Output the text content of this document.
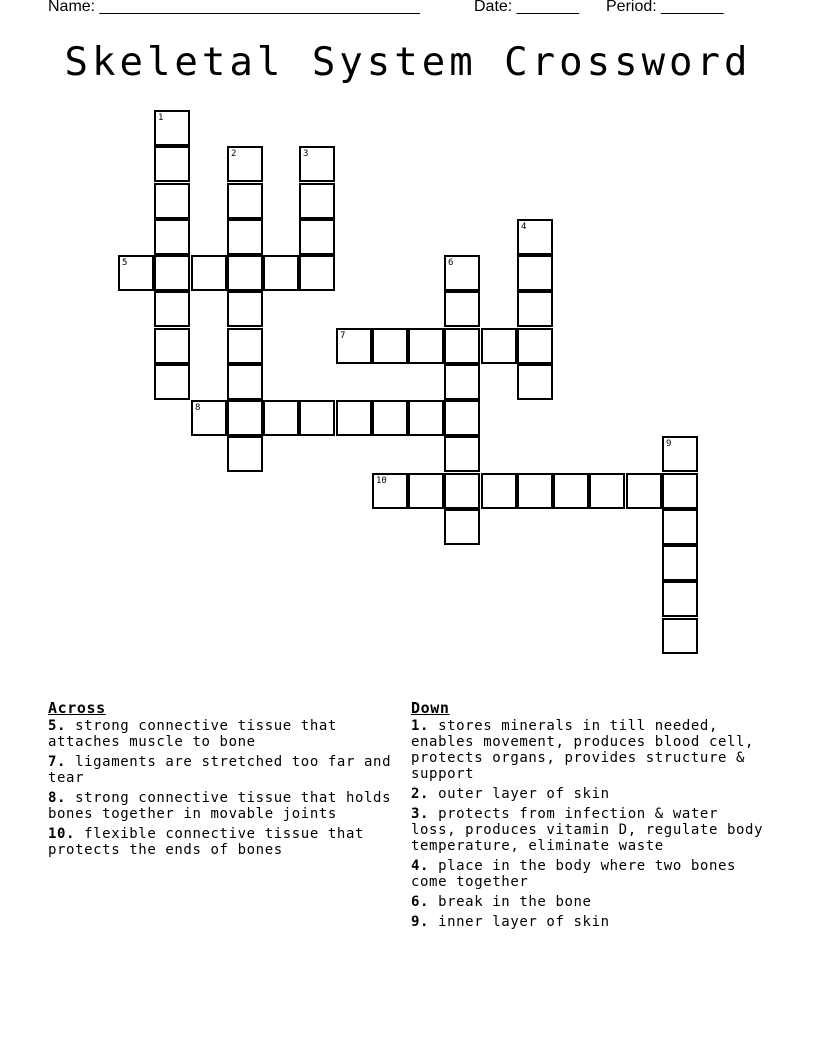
Name: ____________________________________	Date: _______ Period: _______
Skeletal System Crossword
1
2	3
4
5	6
7
8
9
10
Across
5. strong connective tissue that attaches muscle to bone
7. ligaments are stretched too far and tear
8. strong connective tissue that holds bones together in movable joints
10. flexible connective tissue that protects the ends of bones
Down
1. stores minerals in till needed, enables movement, produces blood cell, protects organs, provides structure & support
2. outer layer of skin
3. protects from infection & water loss, produces vitamin D, regulate body temperature, eliminate waste
4. place in the body where two bones come together
6. break in the bone
9. inner layer of skin
